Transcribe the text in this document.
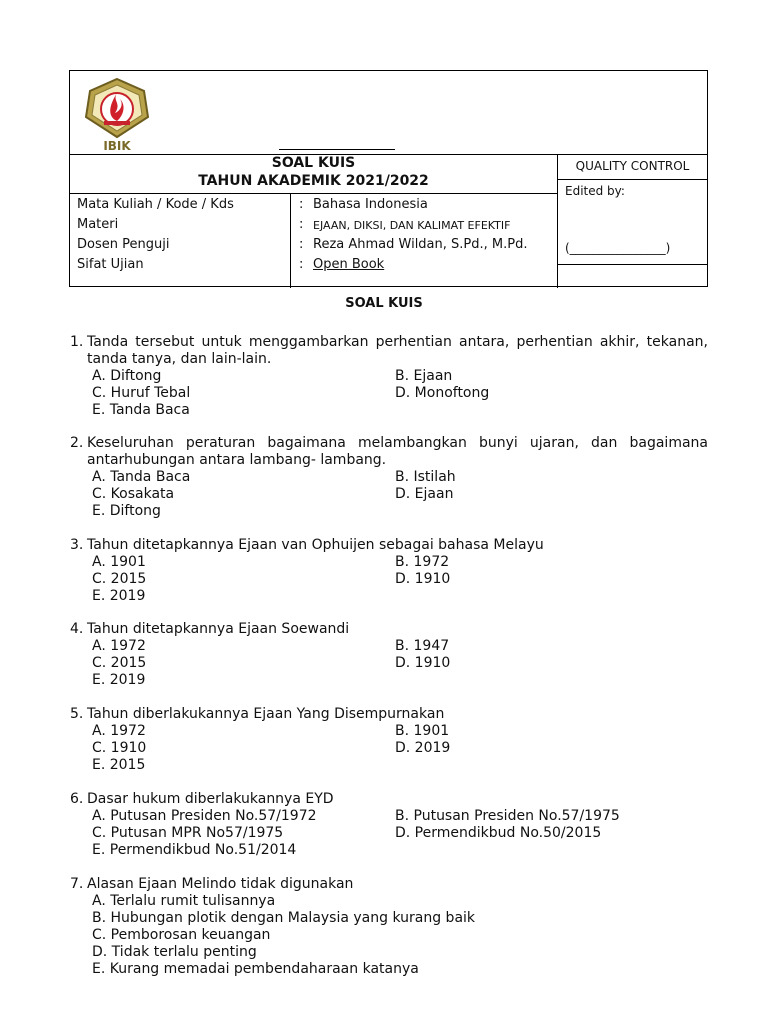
IBIK
SOAL KUIS
TAHUN AKADEMIK 2021/2022
Mata Kuliah / Kode / Kds	: Bahasa Indonesia
Materi	: EJAAN, DIKSI, DAN KALIMAT EFEKTIF
Dosen Penguji	: Reza Ahmad Wildan, S.Pd., M.Pd.
Sifat Ujian	: Open Book
QUALITY CONTROL
Edited by:
(________________)
SOAL KUIS
1. Tanda tersebut untuk menggambarkan perhentian antara, perhentian akhir, tekanan, tanda tanya, dan lain-lain.
A. Diftong	B. Ejaan
C. Huruf Tebal	D. Monoftong
E. Tanda Baca
2. Keseluruhan peraturan bagaimana melambangkan bunyi ujaran, dan bagaimana antarhubungan antara lambang- lambang.
A. Tanda Baca	B. Istilah
C. Kosakata	D. Ejaan
E. Diftong
3. Tahun ditetapkannya Ejaan van Ophuijen sebagai bahasa Melayu
A. 1901	B. 1972
C. 2015	D. 1910
E. 2019
4. Tahun ditetapkannya Ejaan Soewandi
A. 1972	B. 1947
C. 2015	D. 1910
E. 2019
5. Tahun diberlakukannya Ejaan Yang Disempurnakan
A. 1972	B. 1901
C. 1910	D. 2019
E. 2015
6. Dasar hukum diberlakukannya EYD
A. Putusan Presiden No.57/1972	B. Putusan Presiden No.57/1975
C. Putusan MPR No57/1975	D. Permendikbud No.50/2015
E. Permendikbud No.51/2014
7. Alasan Ejaan Melindo tidak digunakan
A. Terlalu rumit tulisannya
B. Hubungan plotik dengan Malaysia yang kurang baik
C. Pemborosan keuangan
D. Tidak terlalu penting
E. Kurang memadai pembendaharaan katanya
